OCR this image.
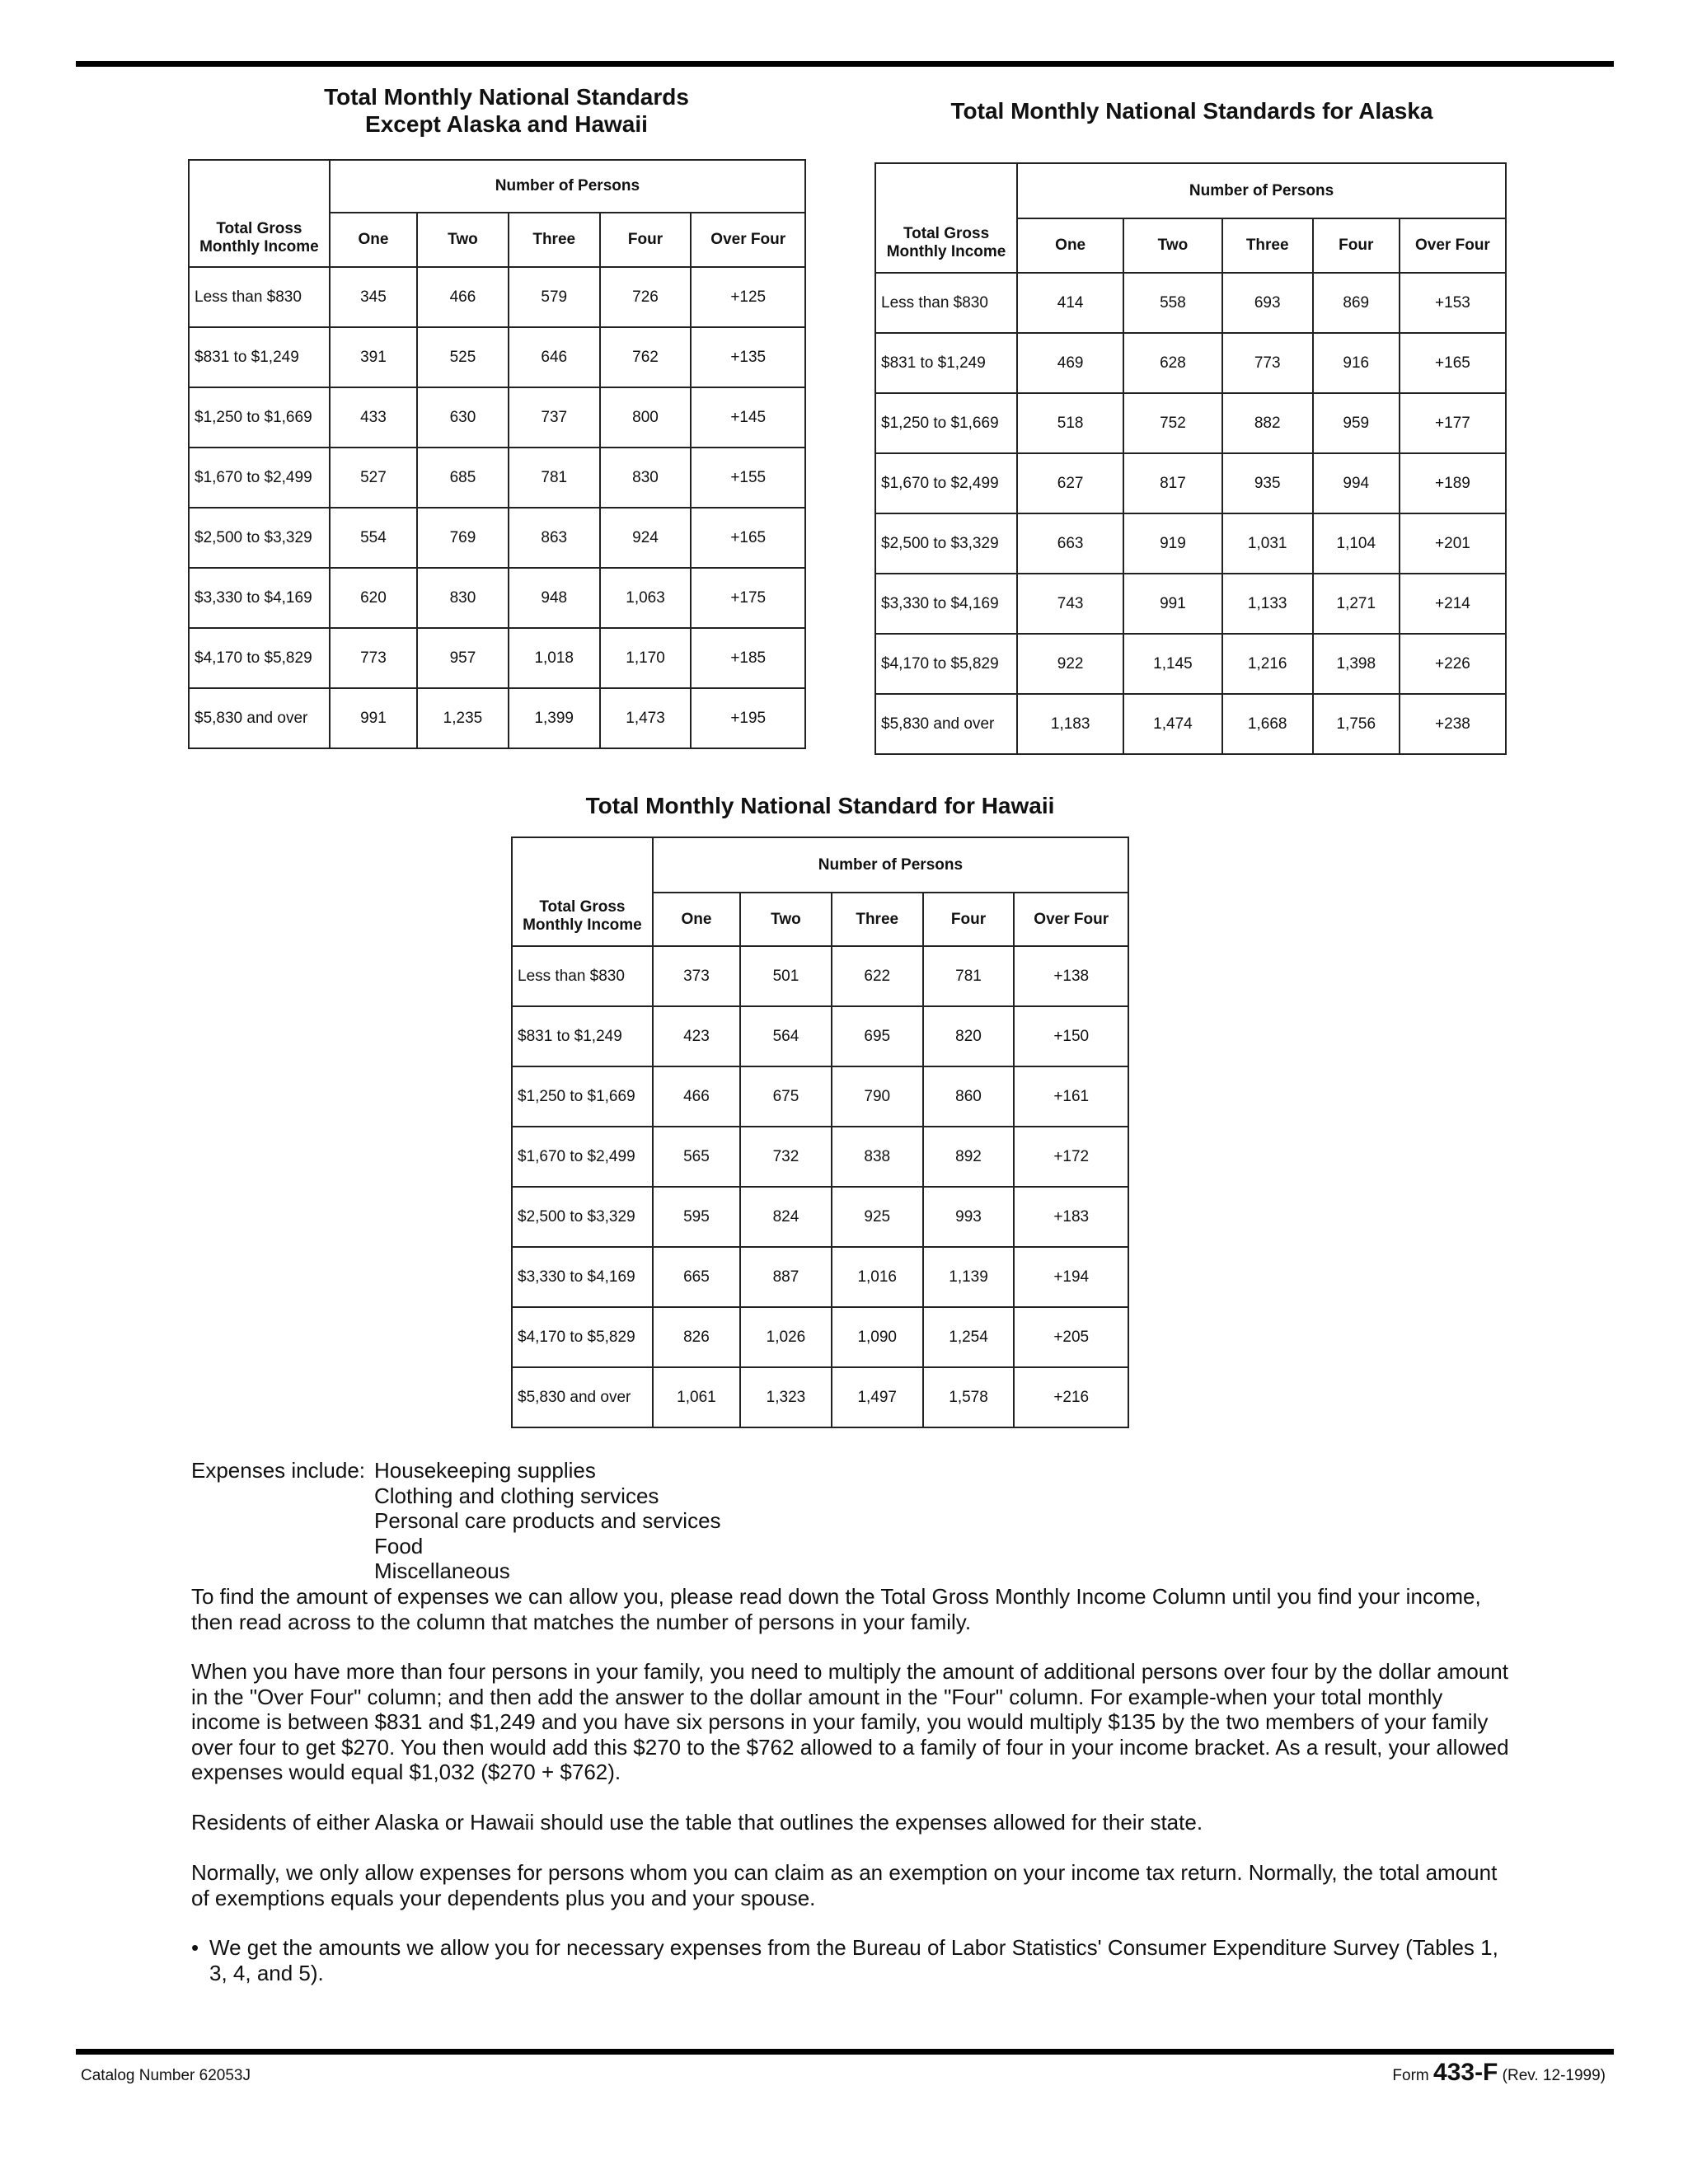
Total Monthly National Standards
Except Alaska and Hawaii
Total Monthly National Standards for Alaska
Total Monthly National Standard for Hawaii
Total Gross
Monthly Income	Number of Persons				
	One	Two	Three	Four	Over Four
Less than $830	345	466	579	726	+125
$831 to $1,249	391	525	646	762	+135
$1,250 to $1,669	433	630	737	800	+145
$1,670 to $2,499	527	685	781	830	+155
$2,500 to $3,329	554	769	863	924	+165
$3,330 to $4,169	620	830	948	1,063	+175
$4,170 to $5,829	773	957	1,018	1,170	+185
$5,830 and over	991	1,235	1,399	1,473	+195
Total Gross
Monthly Income	Number of Persons				
	One	Two	Three	Four	Over Four
Less than $830	414	558	693	869	+153
$831 to $1,249	469	628	773	916	+165
$1,250 to $1,669	518	752	882	959	+177
$1,670 to $2,499	627	817	935	994	+189
$2,500 to $3,329	663	919	1,031	1,104	+201
$3,330 to $4,169	743	991	1,133	1,271	+214
$4,170 to $5,829	922	1,145	1,216	1,398	+226
$5,830 and over	1,183	1,474	1,668	1,756	+238
Total Gross
Monthly Income	Number of Persons				
	One	Two	Three	Four	Over Four
Less than $830	373	501	622	781	+138
$831 to $1,249	423	564	695	820	+150
$1,250 to $1,669	466	675	790	860	+161
$1,670 to $2,499	565	732	838	892	+172
$2,500 to $3,329	595	824	925	993	+183
$3,330 to $4,169	665	887	1,016	1,139	+194
$4,170 to $5,829	826	1,026	1,090	1,254	+205
$5,830 and over	1,061	1,323	1,497	1,578	+216
Expenses include: Housekeeping supplies
Clothing and clothing services
Personal care products and services
Food
Miscellaneous
To find the amount of expenses we can allow you, please read down the Total Gross Monthly Income Column until you find your income, then read across to the column that matches the number of persons in your family.
When you have more than four persons in your family, you need to multiply the amount of additional persons over four by the dollar amount in the "Over Four" column; and then add the answer to the dollar amount in the "Four" column. For example-when your total monthly income is between $831 and $1,249 and you have six persons in your family, you would multiply $135 by the two members of your family over four to get $270. You then would add this $270 to the $762 allowed to a family of four in your income bracket. As a result, your allowed expenses would equal $1,032 ($270 + $762).
Residents of either Alaska or Hawaii should use the table that outlines the expenses allowed for their state.
Normally, we only allow expenses for persons whom you can claim as an exemption on your income tax return. Normally, the total amount of exemptions equals your dependents plus you and your spouse.
• We get the amounts we allow you for necessary expenses from the Bureau of Labor Statistics' Consumer Expenditure Survey (Tables 1, 3, 4, and 5).
Catalog Number 62053J	Form 433-F (Rev. 12-1999)
